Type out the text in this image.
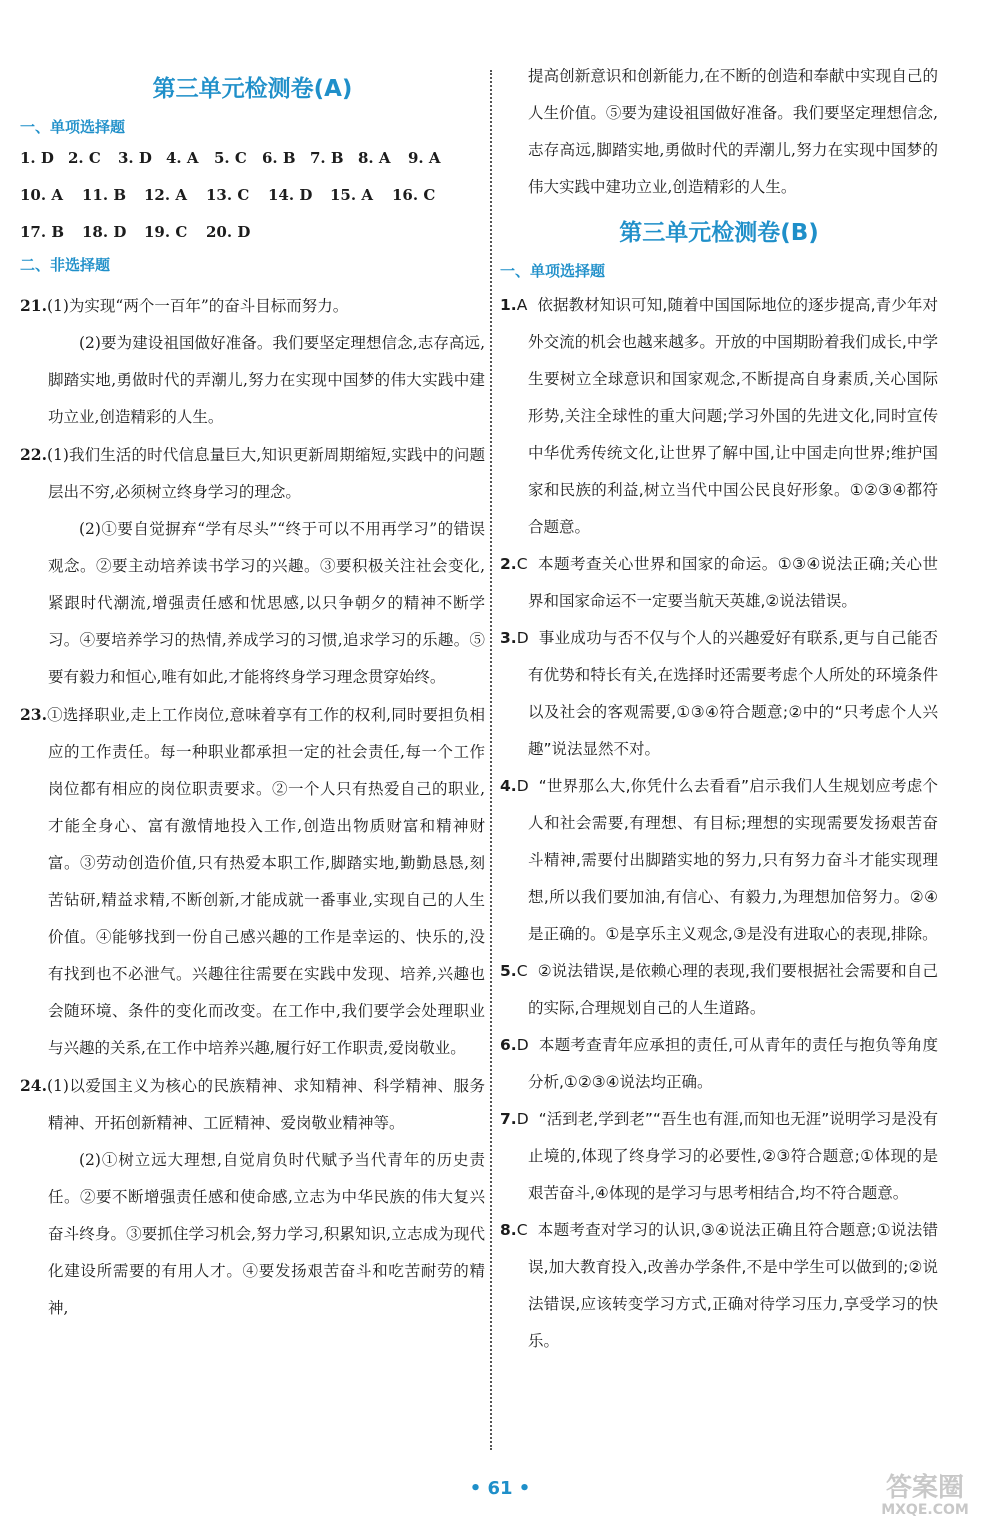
第三单元检测卷(A)
一、单项选择题
1. D 2. C	3. D 4. A	5. C	6. B 7. B 8. A	9. A
10. A	11. B	12. A	13. C	14. D	15. A	16. C
17. B	18. D	19. C	20. D
二、非选择题

21.(1)为实现“两个一百年”的奋斗目标而努力。

(2)要为建设祖国做好准备。我们要坚定理想信念,志存高远,脚踏实地,勇做时代的弄潮儿,努力在实现中国梦的伟大实践中建功立业,创造精彩的人生。

22.(1)我们生活的时代信息量巨大,知识更新周期缩短,实践中的问题层出不穷,必须树立终身学习的理念。

(2)①要自觉摒弃“学有尽头”“终于可以不用再学习”的错误观念。②要主动培养读书学习的兴趣。③要积极关注社会变化,紧跟时代潮流,增强责任感和忧思感,以只争朝夕的精神不断学习。④要培养学习的热情,养成学习的习惯,追求学习的乐趣。⑤要有毅力和恒心,唯有如此,才能将终身学习理念贯穿始终。

23.①选择职业,走上工作岗位,意味着享有工作的权利,同时要担负相应的工作责任。每一种职业都承担一定的社会责任,每一个工作岗位都有相应的岗位职责要求。②一个人只有热爱自己的职业,才能全身心、富有激情地投入工作,创造出物质财富和精神财富。③劳动创造价值,只有热爱本职工作,脚踏实地,勤勤恳恳,刻苦钻研,精益求精,不断创新,才能成就一番事业,实现自己的人生价值。④能够找到一份自己感兴趣的工作是幸运的、快乐的,没有找到也不必泄气。兴趣往往需要在实践中发现、培养,兴趣也会随环境、条件的变化而改变。在工作中,我们要学会处理职业与兴趣的关系,在工作中培养兴趣,履行好工作职责,爱岗敬业。

24.(1)以爱国主义为核心的民族精神、求知精神、科学精神、服务精神、开拓创新精神、工匠精神、爱岗敬业精神等。

(2)①树立远大理想,自觉肩负时代赋予当代青年的历史责任。②要不断增强责任感和使命感,立志为中华民族的伟大复兴奋斗终身。③要抓住学习机会,努力学习,积累知识,立志成为现代化建设所需要的有用人才。④要发扬艰苦奋斗和吃苦耐劳的精神,

提高创新意识和创新能力,在不断的创造和奉献中实现自己的人生价值。⑤要为建设祖国做好准备。我们要坚定理想信念,志存高远,脚踏实地,勇做时代的弄潮儿,努力在实现中国梦的伟大实践中建功立业,创造精彩的人生。

第三单元检测卷(B)
一、单项选择题

1.A 依据教材知识可知,随着中国国际地位的逐步提高,青少年对外交流的机会也越来越多。开放的中国期盼着我们成长,中学生要树立全球意识和国家观念,不断提高自身素质,关心国际形势,关注全球性的重大问题;学习外国的先进文化,同时宣传中华优秀传统文化,让世界了解中国,让中国走向世界;维护国家和民族的利益,树立当代中国公民良好形象。①②③④都符合题意。

2.C 本题考查关心世界和国家的命运。①③④说法正确;关心世界和国家命运不一定要当航天英雄,②说法错误。

3.D 事业成功与否不仅与个人的兴趣爱好有联系,更与自己能否有优势和特长有关,在选择时还需要考虑个人所处的环境条件以及社会的客观需要,①③④符合题意;②中的“只考虑个人兴趣”说法显然不对。

4.D “世界那么大,你凭什么去看看”启示我们人生规划应考虑个人和社会需要,有理想、有目标;理想的实现需要发扬艰苦奋斗精神,需要付出脚踏实地的努力,只有努力奋斗才能实现理想,所以我们要加油,有信心、有毅力,为理想加倍努力。②④是正确的。①是享乐主义观念,③是没有进取心的表现,排除。

5.C ②说法错误,是依赖心理的表现,我们要根据社会需要和自己的实际,合理规划自己的人生道路。

6.D 本题考查青年应承担的责任,可从青年的责任与抱负等角度分析,①②③④说法均正确。

7.D “活到老,学到老”“吾生也有涯,而知也无涯”说明学习是没有止境的,体现了终身学习的必要性,②③符合题意;①体现的是艰苦奋斗,④体现的是学习与思考相结合,均不符合题意。

8.C 本题考查对学习的认识,③④说法正确且符合题意;①说法错误,加大教育投入,改善办学条件,不是中学生可以做到的;②说法错误,应该转变学习方式,正确对待学习压力,享受学习的快乐。

• 61 •	答案圈
MXQE.COM
